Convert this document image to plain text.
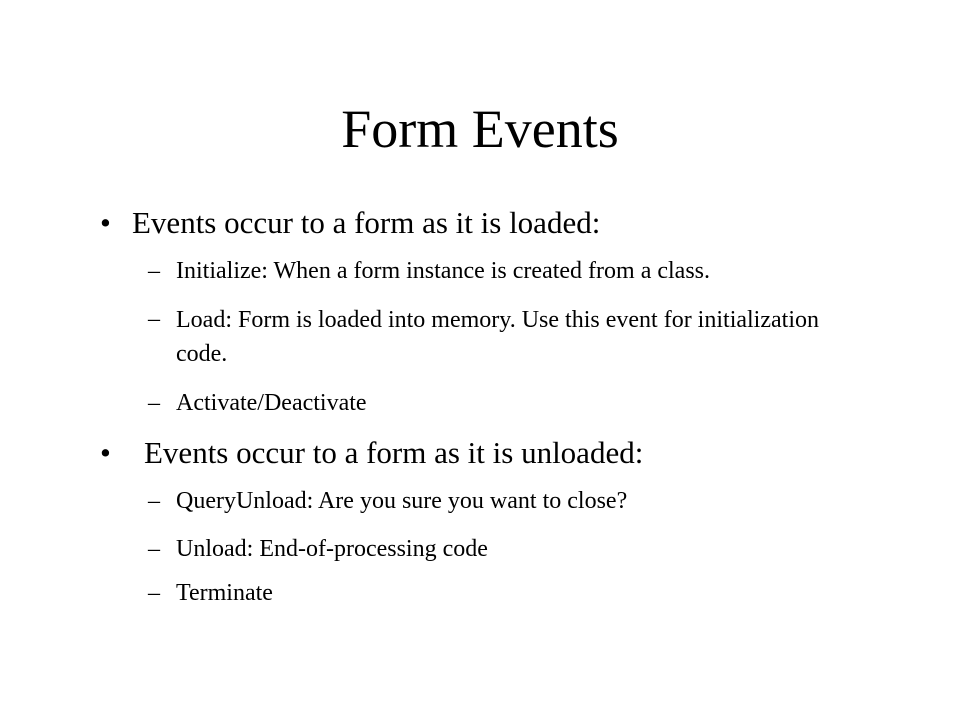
Form Events
• Events occur to a form as it is loaded:
– Initialize: When a form instance is created from a class.
– Load: Form is loaded into memory. Use this event for initialization code.
– Activate/Deactivate
• Events occur to a form as it is unloaded:
– QueryUnload: Are you sure you want to close?
– Unload: End-of-processing code
– Terminate
